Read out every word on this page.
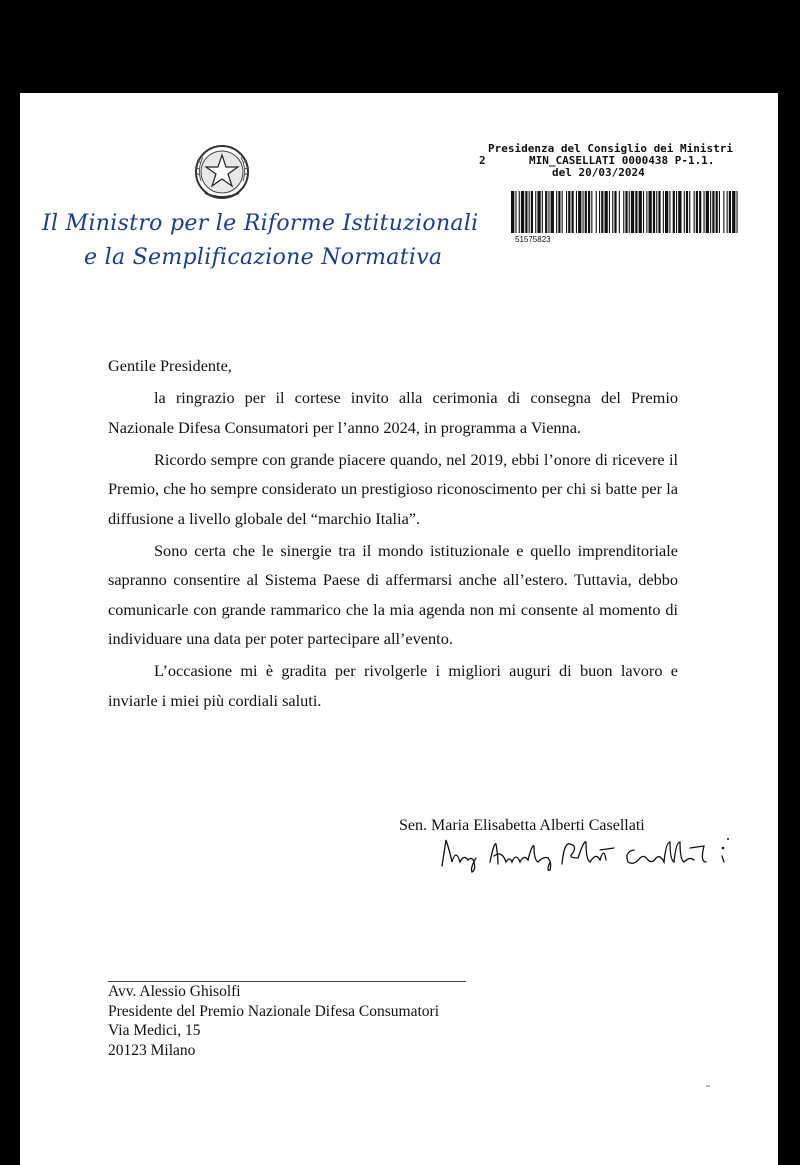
Il Ministro per le Riforme Istituzionali
e la Semplificazione Normativa
Presidenza del Consiglio dei Ministri
2	MIN_CASELLATI 0000438 P-1.1.
del 20/03/2024
51575823

Gentile Presidente,

la ringrazio per il cortese invito alla cerimonia di consegna del Premio Nazionale Difesa Consumatori per l’anno 2024, in programma a Vienna.

Ricordo sempre con grande piacere quando, nel 2019, ebbi l’onore di ricevere il Premio, che ho sempre considerato un prestigioso riconoscimento per chi si batte per la diffusione a livello globale del “marchio Italia”.

Sono certa che le sinergie tra il mondo istituzionale e quello imprenditoriale sapranno consentire al Sistema Paese di affermarsi anche all’estero. Tuttavia, debbo comunicarle con grande rammarico che la mia agenda non mi consente al momento di individuare una data per poter partecipare all’evento.

L’occasione mi è gradita per rivolgerle i migliori auguri di buon lavoro e inviarle i miei più cordiali saluti.

Sen. Maria Elisabetta Alberti Casellati
Avv. Alessio Ghisolfi
Presidente del Premio Nazionale Difesa Consumatori
Via Medici, 15
20123 Milano
